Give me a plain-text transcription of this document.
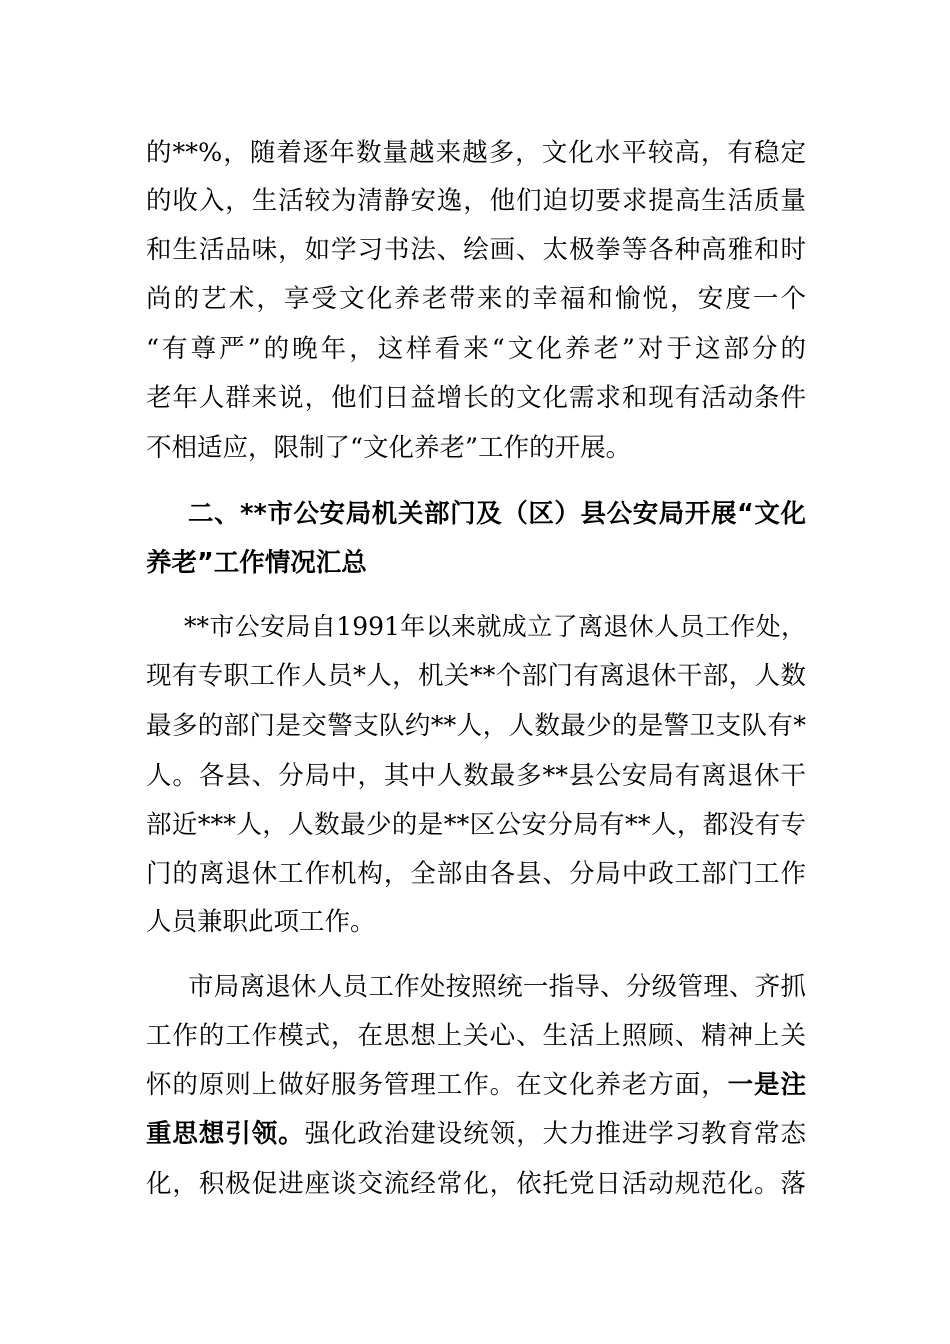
的**%，随着逐年数量越来越多，文化水平较高，有稳定
的收入，生活较为清静安逸，他们迫切要求提高生活质量
和生活品味，如学习书法、绘画、太极拳等各种高雅和时
尚的艺术，享受文化养老带来的幸福和愉悦，安度一个
“有尊严”的晚年，这样看来“文化养老”对于这部分的
老年人群来说，他们日益增长的文化需求和现有活动条件
不相适应，限制了“文化养老”工作的开展。
二、**市公安局机关部门及（区）县公安局开展“文化
养老”工作情况汇总
**市公安局自1991年以来就成立了离退休人员工作处，
现有专职工作人员*人，机关**个部门有离退休干部，人数
最多的部门是交警支队约**人，人数最少的是警卫支队有*
人。各县、分局中，其中人数最多**县公安局有离退休干
部近***人，人数最少的是**区公安分局有**人，都没有专
门的离退休工作机构，全部由各县、分局中政工部门工作
人员兼职此项工作。
市局离退休人员工作处按照统一指导、分级管理、齐抓
工作的工作模式，在思想上关心、生活上照顾、精神上关
怀的原则上做好服务管理工作。在文化养老方面，一是注
重思想引领。强化政治建设统领，大力推进学习教育常态
化，积极促进座谈交流经常化，依托党日活动规范化。落
